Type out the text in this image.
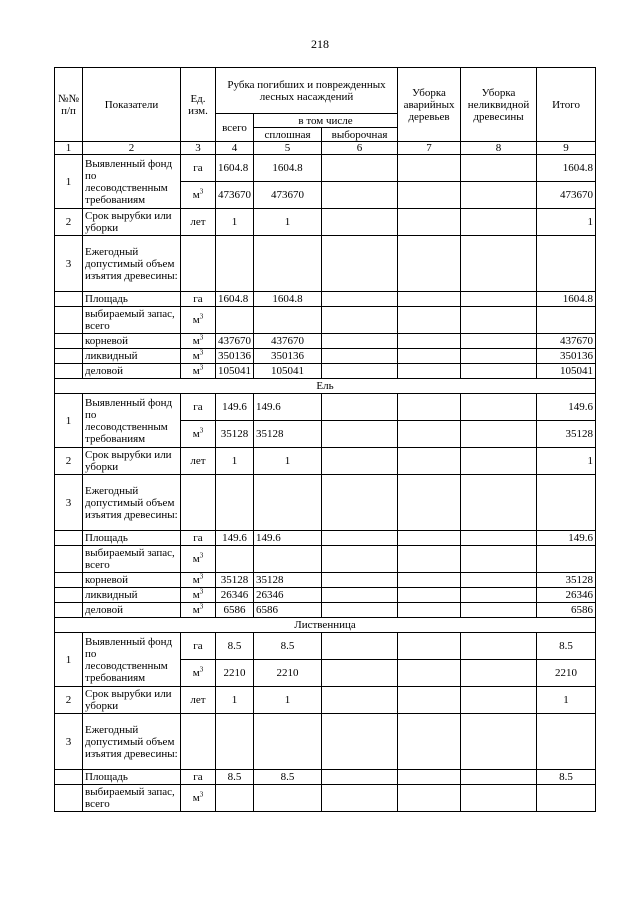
218
№№ п/п	Показатели	Ед. изм.	Рубка погибших и поврежденных лесных насаждений			Уборка аварийных деревьев	Уборка неликвидной древесины	Итого
			всего	в том числе				
				сплошная	выборочная			
1	2	3	4	5	6	7	8	9
1	Выявленный фонд по лесоводственным требованиям	га	1604.8	1604.8				1604.8
		$м^3$	473670	473670				473670
2	Срок вырубки или уборки	лет	1	1				1
3	Ежегодный допустимый объем изъятия древесины:							
	Площадь	га	1604.8	1604.8				1604.8
	выбираемый запас, всего	$м^3$						
	корневой	$м^3$	437670	437670				437670
	ликвидный	$м^3$	350136	350136				350136
	деловой	$м^3$	105041	105041				105041
Ель								
1	Выявленный фонд по лесоводственным требованиям	га	149.6	149.6				149.6
		$м^3$	35128	35128				35128
2	Срок вырубки или уборки	лет	1	1				1
3	Ежегодный допустимый объем изъятия древесины:							
	Площадь	га	149.6	149.6				149.6
	выбираемый запас, всего	$м^3$						
	корневой	$м^3$	35128	35128				35128
	ликвидный	$м^3$	26346	26346				26346
	деловой	$м^3$	6586	6586				6586
Лиственница								
1	Выявленный фонд по лесоводственным требованиям	га	8.5	8.5				8.5
		$м^3$	2210	2210				2210
2	Срок вырубки или уборки	лет	1	1				1
3	Ежегодный допустимый объем изъятия древесины:							
	Площадь	га	8.5	8.5				8.5
	выбираемый запас, всего	$м^3$						
